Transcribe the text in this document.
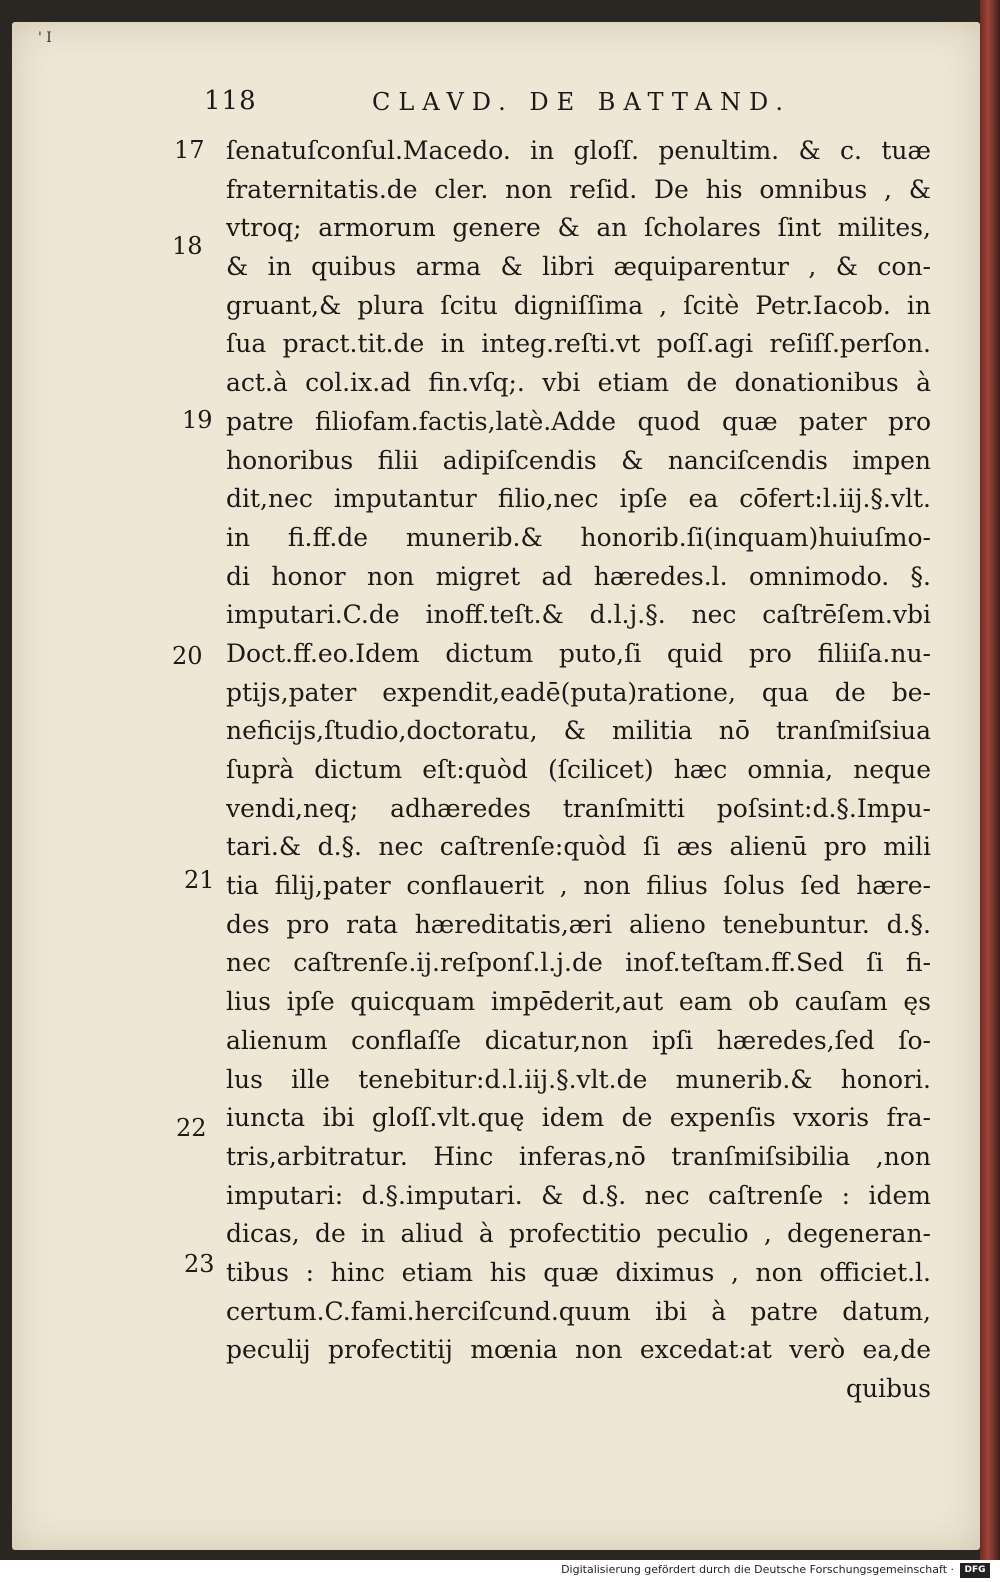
' I
118	CLAVD. DE BATTAND.
17
18
19
20
21
22
23
ſenatuſconſul.Macedo. in gloſſ. penultim. & c. tuæ
fraternitatis.de cler. non reſid. De his omnibus , &
vtroq; armorum genere & an ſcholares ſint milites,
& in quibus arma & libri æquiparentur , & con-
gruant,& plura ſcitu digniſſima , ſcitè Petr.Iacob. in
ſua pract.tit.de in integ.reſti.vt poſſ.agi reſiſſ.perſon.
act.à col.ix.ad fin.vſq;. vbi etiam de donationibus à
patre filiofam.factis,latè.Adde quod quæ pater pro
honoribus filii adipiſcendis & nanciſcendis impen
dit,nec imputantur filio,nec ipſe ea cōfert:l.iij.§.vlt.
in fi.ff.de munerib.& honorib.ſi(inquam)huiuſmo-
di honor non migret ad hæredes.l. omnimodo. §.
imputari.C.de inoff.teſt.& d.l.j.§. nec caſtrēſem.vbi
Doct.ff.eo.Idem dictum puto,ſi quid pro filiiſa.nu-
ptijs,pater expendit,eadē(puta)ratione, qua de be-
neficijs,ſtudio,doctoratu, & militia nō tranſmiſsiua
ſuprà dictum eſt:quòd (ſcilicet) hæc omnia, neque
vendi,neq; adhæredes tranſmitti poſsint:d.§.Impu-
tari.& d.§. nec caſtrenſe:quòd ſi æs alienū pro mili
tia filij,pater conflauerit , non filius ſolus ſed hære-
des pro rata hæreditatis,æri alieno tenebuntur. d.§.
nec caſtrenſe.ij.reſponſ.l.j.de inof.teſtam.ff.Sed ſi fi-
lius ipſe quicquam impēderit,aut eam ob cauſam ęs
alienum conflaſſe dicatur,non ipſi hæredes,ſed ſo-
lus ille tenebitur:d.l.iij.§.vlt.de munerib.& honori.
iuncta ibi gloſſ.vlt.quę idem de expenſis vxoris fra-
tris,arbitratur. Hinc inferas,nō tranſmiſsibilia ,non
imputari: d.§.imputari. & d.§. nec caſtrenſe : idem
dicas, de in aliud à profectitio peculio , degeneran-
tibus : hinc etiam his quæ diximus , non officiet.l.
certum.C.fami.herciſcund.quum ibi à patre datum,
peculij profectitij mœnia non excedat:at verò ea,de
quibus
Digitalisierung gefördert durch die Deutsche Forschungsgemeinschaft ·	DFG
